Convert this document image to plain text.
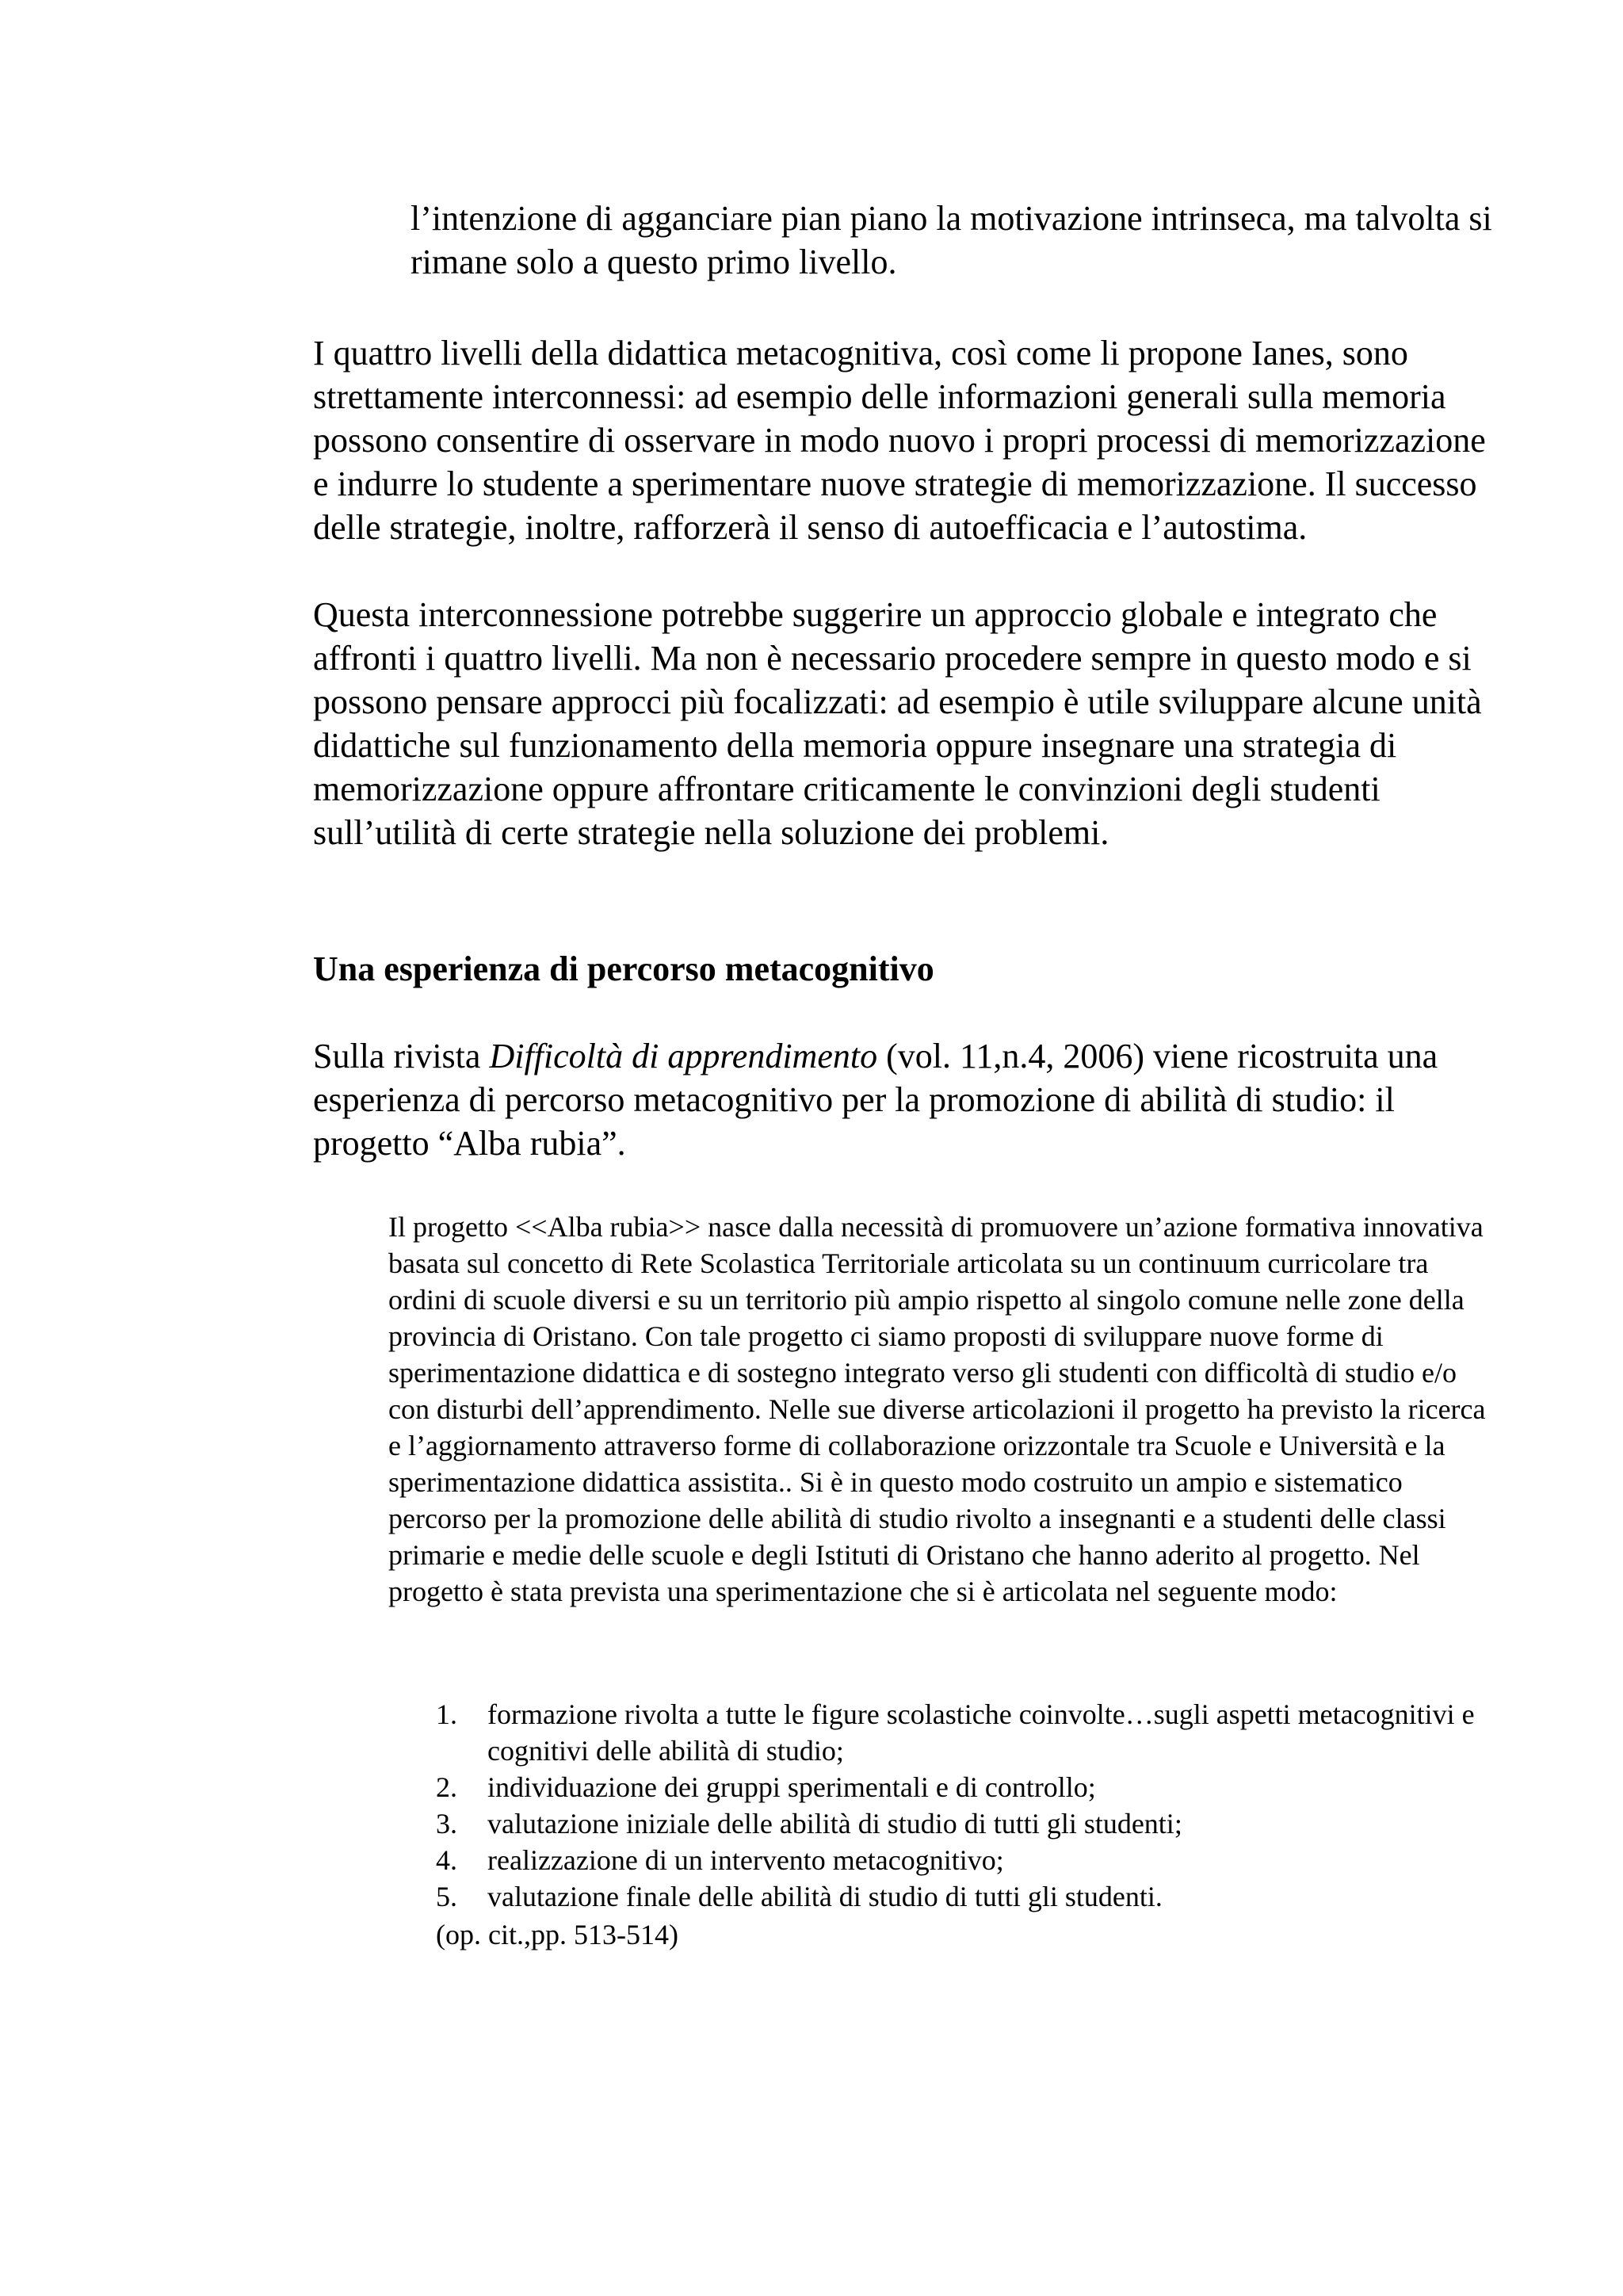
l’intenzione di agganciare pian piano la motivazione intrinseca, ma talvolta si rimane solo a questo primo livello.

I quattro livelli della didattica metacognitiva, così come li propone Ianes, sono strettamente interconnessi: ad esempio delle informazioni generali sulla memoria possono consentire di osservare in modo nuovo i propri processi di memorizzazione e indurre lo studente a sperimentare nuove strategie di memorizzazione. Il successo delle strategie, inoltre, rafforzerà il senso di autoefficacia e l’autostima.

Questa interconnessione potrebbe suggerire un approccio globale e integrato che affronti i quattro livelli. Ma non è necessario procedere sempre in questo modo e si possono pensare approcci più focalizzati: ad esempio è utile sviluppare alcune unità didattiche sul funzionamento della memoria oppure insegnare una strategia di memorizzazione oppure affrontare criticamente le convinzioni degli studenti sull’utilità di certe strategie nella soluzione dei problemi.

Una esperienza di percorso metacognitivo

Sulla rivista Difficoltà di apprendimento (vol. 11,n.4, 2006) viene ricostruita una esperienza di percorso metacognitivo per la promozione di abilità di studio: il progetto “Alba rubia”.

Il progetto <<Alba rubia>> nasce dalla necessità di promuovere un’azione formativa innovativa basata sul concetto di Rete Scolastica Territoriale articolata su un continuum curricolare tra ordini di scuole diversi e su un territorio più ampio rispetto al singolo comune nelle zone della provincia di Oristano. Con tale progetto ci siamo proposti di sviluppare nuove forme di sperimentazione didattica e di sostegno integrato verso gli studenti con difficoltà di studio e/o con disturbi dell’apprendimento. Nelle sue diverse articolazioni il progetto ha previsto la ricerca e l’aggiornamento attraverso forme di collaborazione orizzontale tra Scuole e Università e la sperimentazione didattica assistita.. Si è in questo modo costruito un ampio e sistematico percorso per la promozione delle abilità di studio rivolto a insegnanti e a studenti delle classi primarie e medie delle scuole e degli Istituti di Oristano che hanno aderito al progetto. Nel progetto è stata prevista una sperimentazione che si è articolata nel seguente modo:

1. formazione rivolta a tutte le figure scolastiche coinvolte…sugli aspetti metacognitivi e cognitivi delle abilità di studio;
2. individuazione dei gruppi sperimentali e di controllo;
3. valutazione iniziale delle abilità di studio di tutti gli studenti;
4. realizzazione di un intervento metacognitivo;
5. valutazione finale delle abilità di studio di tutti gli studenti.

(op. cit.,pp. 513-514)
